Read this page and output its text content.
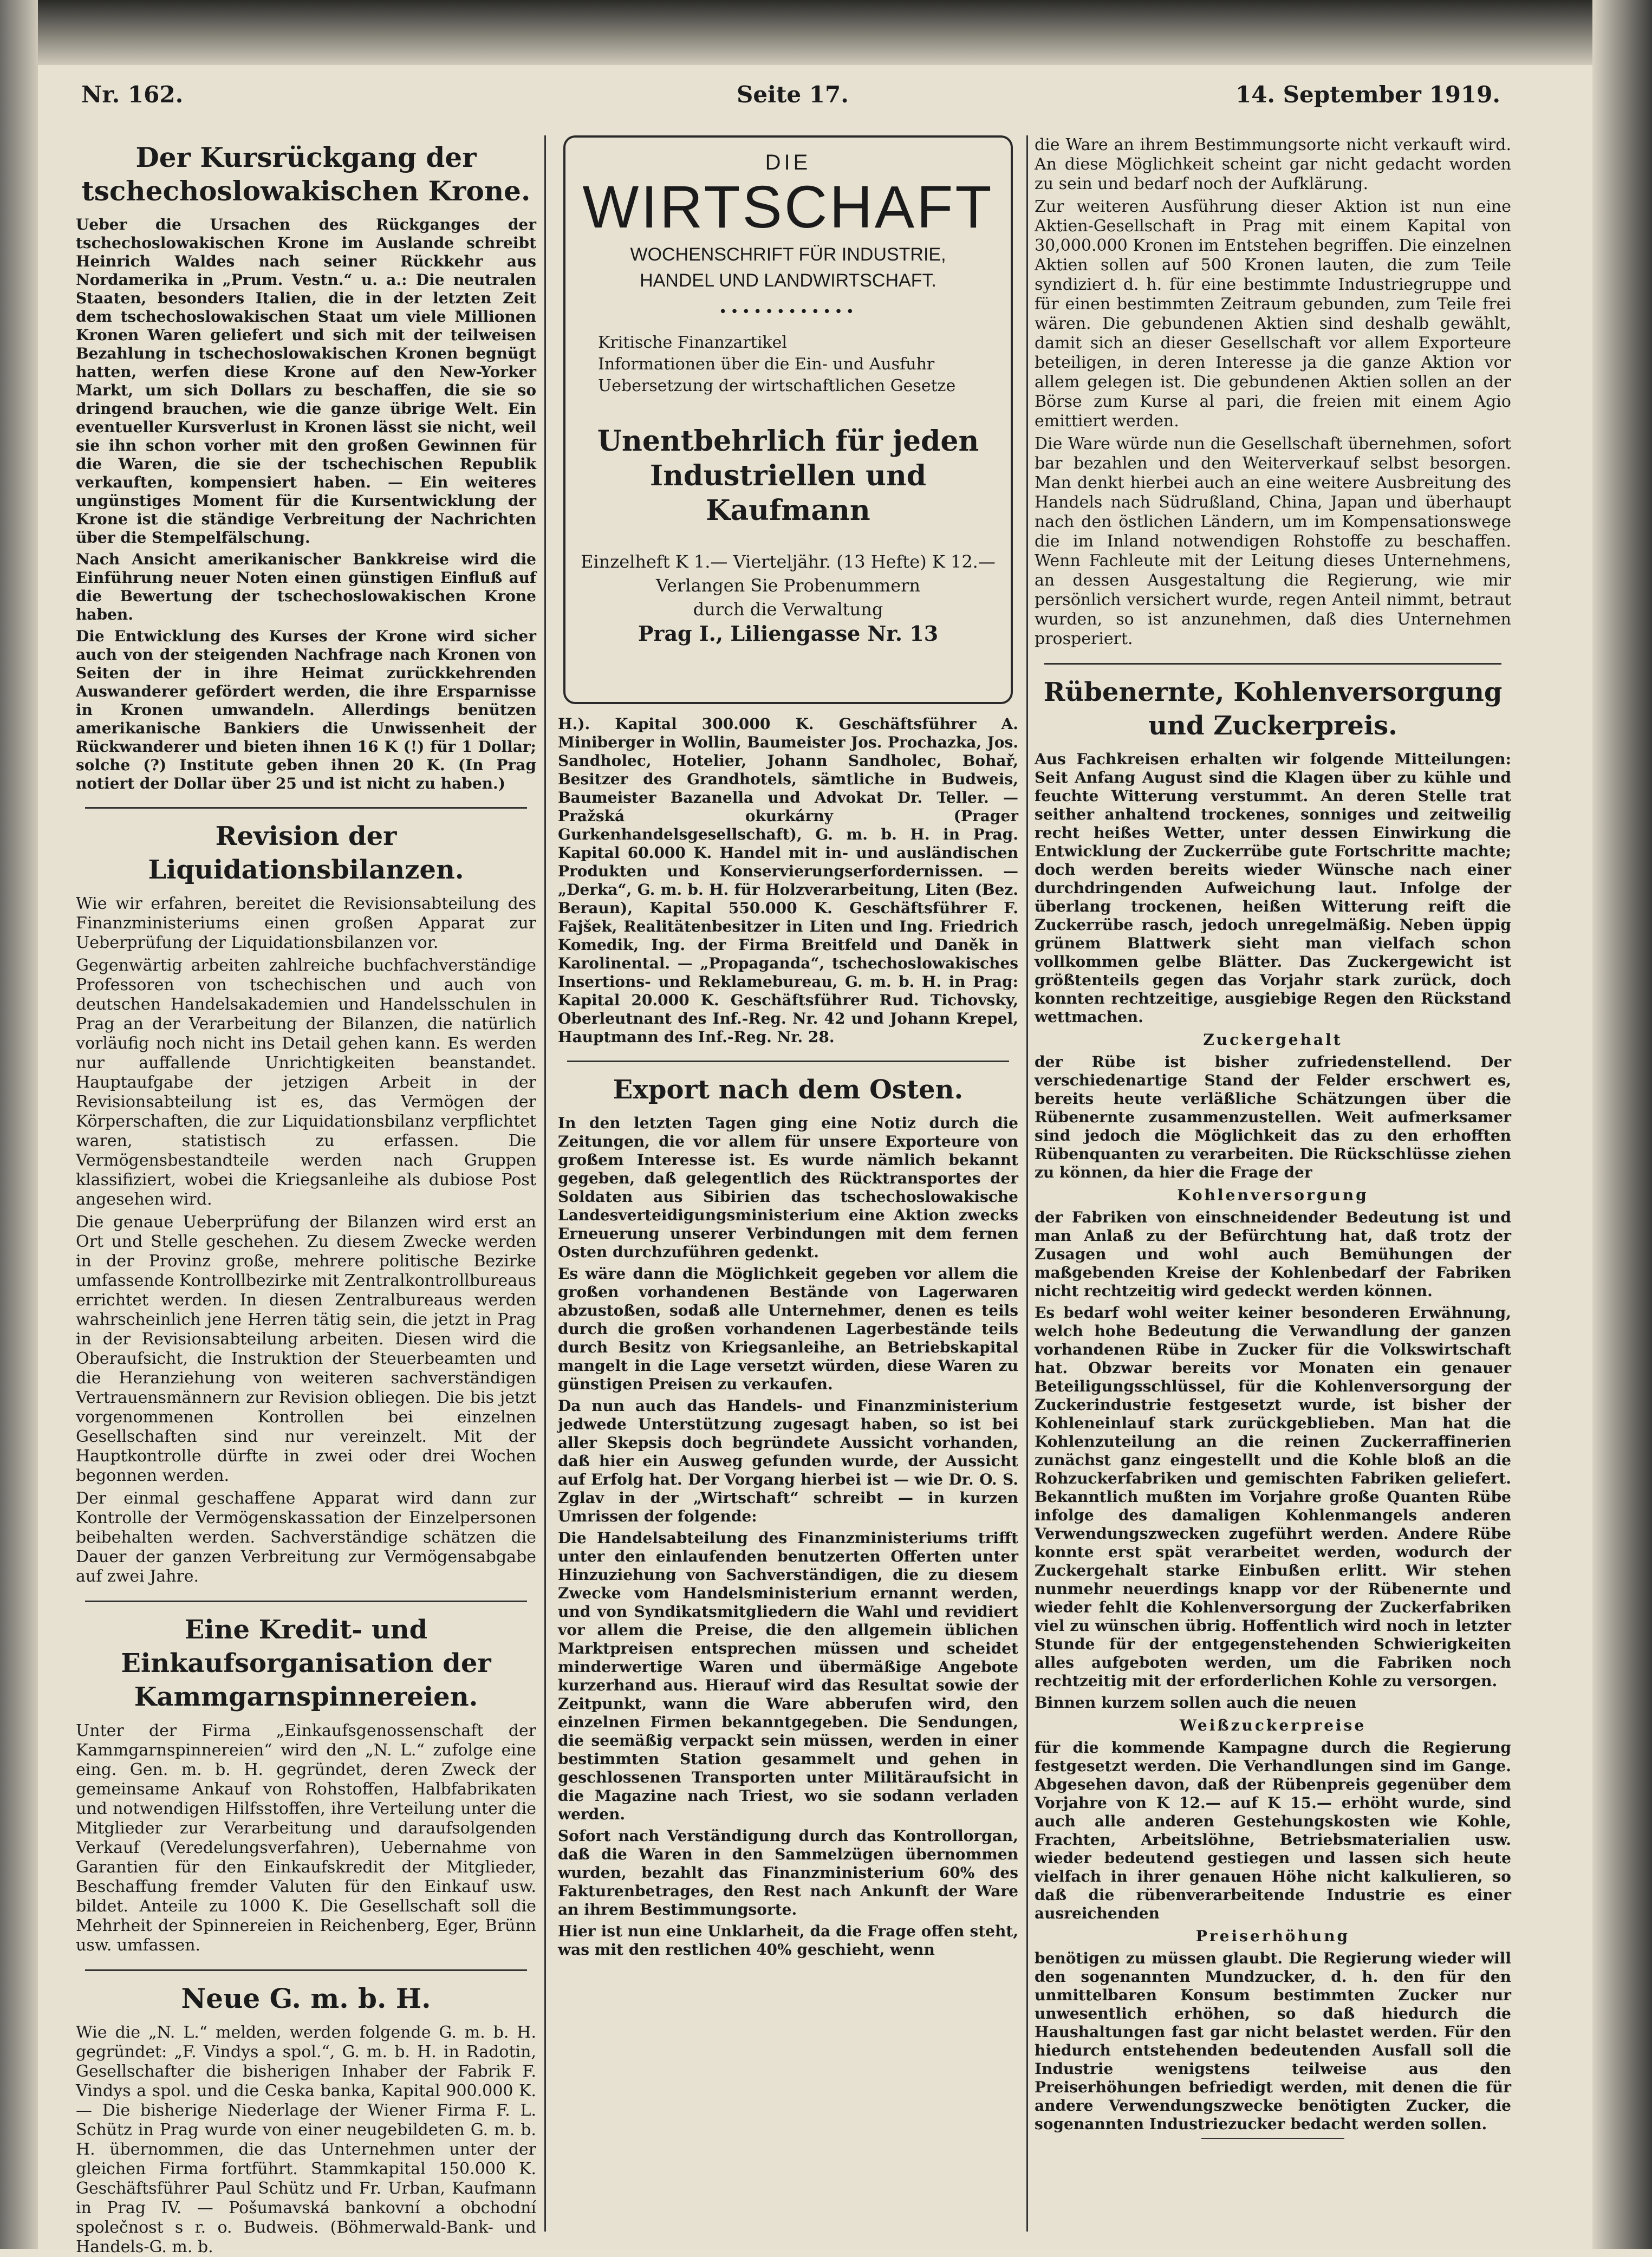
Nr. 162.	Seite 17.	14. September 1919.
Der Kursrückgang der tschechoslowakischen Krone.

Ueber die Ursachen des Rückganges der tschechoslowakischen Krone im Auslande schreibt Heinrich Waldes nach seiner Rückkehr aus Nordamerika in „Prum. Vestn.“ u. a.: Die neutralen Staaten, besonders Italien, die in der letzten Zeit dem tschechoslowakischen Staat um viele Millionen Kronen Waren geliefert und sich mit der teilweisen Bezahlung in tschechoslowakischen Kronen begnügt hatten, werfen diese Krone auf den New-Yorker Markt, um sich Dollars zu beschaffen, die sie so dringend brauchen, wie die ganze übrige Welt. Ein eventueller Kursverlust in Kronen lässt sie nicht, weil sie ihn schon vorher mit den großen Gewinnen für die Waren, die sie der tschechischen Republik verkauften, kompensiert haben. — Ein weiteres ungünstiges Moment für die Kursentwicklung der Krone ist die ständige Verbreitung der Nachrichten über die Stempelfälschung.

Nach Ansicht amerikanischer Bankkreise wird die Einführung neuer Noten einen günstigen Einfluß auf die Bewertung der tschechoslowakischen Krone haben.

Die Entwicklung des Kurses der Krone wird sicher auch von der steigenden Nachfrage nach Kronen von Seiten der in ihre Heimat zurückkehrenden Auswanderer gefördert werden, die ihre Ersparnisse in Kronen umwandeln. Allerdings benützen amerikanische Bankiers die Unwissenheit der Rückwanderer und bieten ihnen 16 K (!) für 1 Dollar; solche (?) Institute geben ihnen 20 K. (In Prag notiert der Dollar über 25 und ist nicht zu haben.)

Revision der Liquidationsbilanzen.

Wie wir erfahren, bereitet die Revisionsabteilung des Finanzministeriums einen großen Apparat zur Ueberprüfung der Liquidationsbilanzen vor.

Gegenwärtig arbeiten zahlreiche buchfachverständige Professoren von tschechischen und auch von deutschen Handelsakademien und Handelsschulen in Prag an der Verarbeitung der Bilanzen, die natürlich vorläufig noch nicht ins Detail gehen kann. Es werden nur auffallende Unrichtigkeiten beanstandet. Hauptaufgabe der jetzigen Arbeit in der Revisionsabteilung ist es, das Vermögen der Körperschaften, die zur Liquidationsbilanz verpflichtet waren, statistisch zu erfassen. Die Vermögensbestandteile werden nach Gruppen klassifiziert, wobei die Kriegsanleihe als dubiose Post angesehen wird.

Die genaue Ueberprüfung der Bilanzen wird erst an Ort und Stelle geschehen. Zu diesem Zwecke werden in der Provinz große, mehrere politische Bezirke umfassende Kontrollbezirke mit Zentralkontrollbureaus errichtet werden. In diesen Zentralbureaus werden wahrscheinlich jene Herren tätig sein, die jetzt in Prag in der Revisionsabteilung arbeiten. Diesen wird die Oberaufsicht, die Instruktion der Steuerbeamten und die Heranziehung von weiteren sachverständigen Vertrauensmännern zur Revision obliegen. Die bis jetzt vorgenommenen Kontrollen bei einzelnen Gesellschaften sind nur vereinzelt. Mit der Hauptkontrolle dürfte in zwei oder drei Wochen begonnen werden.

Der einmal geschaffene Apparat wird dann zur Kontrolle der Vermögenskassation der Einzelpersonen beibehalten werden. Sachverständige schätzen die Dauer der ganzen Verbreitung zur Vermögensabgabe auf zwei Jahre.

Eine Kredit- und Einkaufsorganisation der Kammgarnspinnereien.

Unter der Firma „Einkaufsgenossenschaft der Kammgarnspinnereien“ wird den „N. L.“ zufolge eine eing. Gen. m. b. H. gegründet, deren Zweck der gemeinsame Ankauf von Rohstoffen, Halbfabrikaten und notwendigen Hilfsstoffen, ihre Verteilung unter die Mitglieder zur Verarbeitung und daraufsolgenden Verkauf (Veredelungsverfahren), Uebernahme von Garantien für den Einkaufskredit der Mitglieder, Beschaffung fremder Valuten für den Einkauf usw. bildet. Anteile zu 1000 K. Die Gesellschaft soll die Mehrheit der Spinnereien in Reichenberg, Eger, Brünn usw. umfassen.

Neue G. m. b. H.

Wie die „N. L.“ melden, werden folgende G. m. b. H. gegründet: „F. Vindys a spol.“, G. m. b. H. in Radotin, Gesellschafter die bisherigen Inhaber der Fabrik F. Vindys a spol. und die Ceska banka, Kapital 900.000 K. — Die bisherige Niederlage der Wiener Firma F. L. Schütz in Prag wurde von einer neugebildeten G. m. b. H. übernommen, die das Unternehmen unter der gleichen Firma fortführt. Stammkapital 150.000 K. Geschäftsführer Paul Schütz und Fr. Urban, Kaufmann in Prag IV. — Pošumavská bankovní a obchodní společnost s r. o. Budweis. (Böhmerwald-Bank- und Handels-G. m. b.

DIE
WIRTSCHAFT
WOCHENSCHRIFT FÜR INDUSTRIE,
HANDEL UND LANDWIRTSCHAFT.
••••••••••••
Kritische Finanzartikel
Informationen über die Ein- und Ausfuhr
Uebersetzung der wirtschaftlichen Gesetze
Unentbehrlich für jeden Industriellen und Kaufmann
Einzelheft K 1.— Vierteljähr. (13 Hefte) K 12.—
Verlangen Sie Probenummern
durch die Verwaltung
Prag I., Liliengasse Nr. 13

H.). Kapital 300.000 K. Geschäftsführer A. Miniberger in Wollin, Baumeister Jos. Prochazka, Jos. Sandholec, Hotelier, Johann Sandholec, Bohař, Besitzer des Grandhotels, sämtliche in Budweis, Baumeister Bazanella und Advokat Dr. Teller. — Pražská okurkárny (Prager Gurkenhandelsgesellschaft), G. m. b. H. in Prag. Kapital 60.000 K. Handel mit in- und ausländischen Produkten und Konservierungserfordernissen. — „Derka“, G. m. b. H. für Holzverarbeitung, Liten (Bez. Beraun), Kapital 550.000 K. Geschäftsführer F. Fajšek, Realitätenbesitzer in Liten und Ing. Friedrich Komedik, Ing. der Firma Breitfeld und Daněk in Karolinental. — „Propaganda“, tschechoslowakisches Insertions- und Reklamebureau, G. m. b. H. in Prag: Kapital 20.000 K. Geschäftsführer Rud. Tichovsky, Oberleutnant des Inf.-Reg. Nr. 42 und Johann Krepel, Hauptmann des Inf.-Reg. Nr. 28.

Export nach dem Osten.

In den letzten Tagen ging eine Notiz durch die Zeitungen, die vor allem für unsere Exporteure von großem Interesse ist. Es wurde nämlich bekannt gegeben, daß gelegentlich des Rücktransportes der Soldaten aus Sibirien das tschechoslowakische Landesverteidigungsministerium eine Aktion zwecks Erneuerung unserer Verbindungen mit dem fernen Osten durchzuführen gedenkt.

Es wäre dann die Möglichkeit gegeben vor allem die großen vorhandenen Bestände von Lagerwaren abzustoßen, sodaß alle Unternehmer, denen es teils durch die großen vorhandenen Lagerbestände teils durch Besitz von Kriegsanleihe, an Betriebskapital mangelt in die Lage versetzt würden, diese Waren zu günstigen Preisen zu verkaufen.

Da nun auch das Handels- und Finanzministerium jedwede Unterstützung zugesagt haben, so ist bei aller Skepsis doch begründete Aussicht vorhanden, daß hier ein Ausweg gefunden wurde, der Aussicht auf Erfolg hat. Der Vorgang hierbei ist — wie Dr. O. S. Zglav in der „Wirtschaft“ schreibt — in kurzen Umrissen der folgende:

Die Handelsabteilung des Finanzministeriums trifft unter den einlaufenden benutzerten Offerten unter Hinzuziehung von Sachverständigen, die zu diesem Zwecke vom Handelsministerium ernannt werden, und von Syndikatsmitgliedern die Wahl und revidiert vor allem die Preise, die den allgemein üblichen Marktpreisen entsprechen müssen und scheidet minderwertige Waren und übermäßige Angebote kurzerhand aus. Hierauf wird das Resultat sowie der Zeitpunkt, wann die Ware abberufen wird, den einzelnen Firmen bekanntgegeben. Die Sendungen, die seemäßig verpackt sein müssen, werden in einer bestimmten Station gesammelt und gehen in geschlossenen Transporten unter Militäraufsicht in die Magazine nach Triest, wo sie sodann verladen werden.

Sofort nach Verständigung durch das Kontrollorgan, daß die Waren in den Sammelzügen übernommen wurden, bezahlt das Finanzministerium 60% des Fakturenbetrages, den Rest nach Ankunft der Ware an ihrem Bestimmungsorte.

Hier ist nun eine Unklarheit, da die Frage offen steht, was mit den restlichen 40% geschieht, wenn

die Ware an ihrem Bestimmungsorte nicht verkauft wird. An diese Möglichkeit scheint gar nicht gedacht worden zu sein und bedarf noch der Aufklärung.

Zur weiteren Ausführung dieser Aktion ist nun eine Aktien-Gesellschaft in Prag mit einem Kapital von 30,000.000 Kronen im Entstehen begriffen. Die einzelnen Aktien sollen auf 500 Kronen lauten, die zum Teile syndiziert d. h. für eine bestimmte Industriegruppe und für einen bestimmten Zeitraum gebunden, zum Teile frei wären. Die gebundenen Aktien sind deshalb gewählt, damit sich an dieser Gesellschaft vor allem Exporteure beteiligen, in deren Interesse ja die ganze Aktion vor allem gelegen ist. Die gebundenen Aktien sollen an der Börse zum Kurse al pari, die freien mit einem Agio emittiert werden.

Die Ware würde nun die Gesellschaft übernehmen, sofort bar bezahlen und den Weiterverkauf selbst besorgen. Man denkt hierbei auch an eine weitere Ausbreitung des Handels nach Südrußland, China, Japan und überhaupt nach den östlichen Ländern, um im Kompensationswege die im Inland notwendigen Rohstoffe zu beschaffen. Wenn Fachleute mit der Leitung dieses Unternehmens, an dessen Ausgestaltung die Regierung, wie mir persönlich versichert wurde, regen Anteil nimmt, betraut wurden, so ist anzunehmen, daß dies Unternehmen prosperiert.

Rübenernte, Kohlenversorgung und Zuckerpreis.

Aus Fachkreisen erhalten wir folgende Mitteilungen: Seit Anfang August sind die Klagen über zu kühle und feuchte Witterung verstummt. An deren Stelle trat seither anhaltend trockenes, sonniges und zeitweilig recht heißes Wetter, unter dessen Einwirkung die Entwicklung der Zuckerrübe gute Fortschritte machte; doch werden bereits wieder Wünsche nach einer durchdringenden Aufweichung laut. Infolge der überlang trockenen, heißen Witterung reift die Zuckerrübe rasch, jedoch unregelmäßig. Neben üppig grünem Blattwerk sieht man vielfach schon vollkommen gelbe Blätter. Das Zuckergewicht ist größtenteils gegen das Vorjahr stark zurück, doch konnten rechtzeitige, ausgiebige Regen den Rückstand wettmachen.

Zuckergehalt

der Rübe ist bisher zufriedenstellend. Der verschiedenartige Stand der Felder erschwert es, bereits heute verläßliche Schätzungen über die Rübenernte zusammenzustellen. Weit aufmerksamer sind jedoch die Möglichkeit das zu den erhofften Rübenquanten zu verarbeiten. Die Rückschlüsse ziehen zu können, da hier die Frage der

Kohlenversorgung

der Fabriken von einschneidender Bedeutung ist und man Anlaß zu der Befürchtung hat, daß trotz der Zusagen und wohl auch Bemühungen der maßgebenden Kreise der Kohlenbedarf der Fabriken nicht rechtzeitig wird gedeckt werden können.

Es bedarf wohl weiter keiner besonderen Erwähnung, welch hohe Bedeutung die Verwandlung der ganzen vorhandenen Rübe in Zucker für die Volkswirtschaft hat. Obzwar bereits vor Monaten ein genauer Beteiligungsschlüssel, für die Kohlenversorgung der Zuckerindustrie festgesetzt wurde, ist bisher der Kohleneinlauf stark zurückgeblieben. Man hat die Kohlenzuteilung an die reinen Zuckerraffinerien zunächst ganz eingestellt und die Kohle bloß an die Rohzuckerfabriken und gemischten Fabriken geliefert. Bekanntlich mußten im Vorjahre große Quanten Rübe infolge des damaligen Kohlenmangels anderen Verwendungszwecken zugeführt werden. Andere Rübe konnte erst spät verarbeitet werden, wodurch der Zuckergehalt starke Einbußen erlitt. Wir stehen nunmehr neuerdings knapp vor der Rübenernte und wieder fehlt die Kohlenversorgung der Zuckerfabriken viel zu wünschen übrig. Hoffentlich wird noch in letzter Stunde für der entgegenstehenden Schwierigkeiten alles aufgeboten werden, um die Fabriken noch rechtzeitig mit der erforderlichen Kohle zu versorgen.

Binnen kurzem sollen auch die neuen

Weißzuckerpreise

für die kommende Kampagne durch die Regierung festgesetzt werden. Die Verhandlungen sind im Gange. Abgesehen davon, daß der Rübenpreis gegenüber dem Vorjahre von K 12.— auf K 15.— erhöht wurde, sind auch alle anderen Gestehungskosten wie Kohle, Frachten, Arbeitslöhne, Betriebsmaterialien usw. wieder bedeutend gestiegen und lassen sich heute vielfach in ihrer genauen Höhe nicht kalkulieren, so daß die rübenverarbeitende Industrie es einer ausreichenden

Preiserhöhung

benötigen zu müssen glaubt. Die Regierung wieder will den sogenannten Mundzucker, d. h. den für den unmittelbaren Konsum bestimmten Zucker nur unwesentlich erhöhen, so daß hiedurch die Haushaltungen fast gar nicht belastet werden. Für den hiedurch entstehenden bedeutenden Ausfall soll die Industrie wenigstens teilweise aus den Preiserhöhungen befriedigt werden, mit denen die für andere Verwendungszwecke benötigten Zucker, die sogenannten Industriezucker bedacht werden sollen.
